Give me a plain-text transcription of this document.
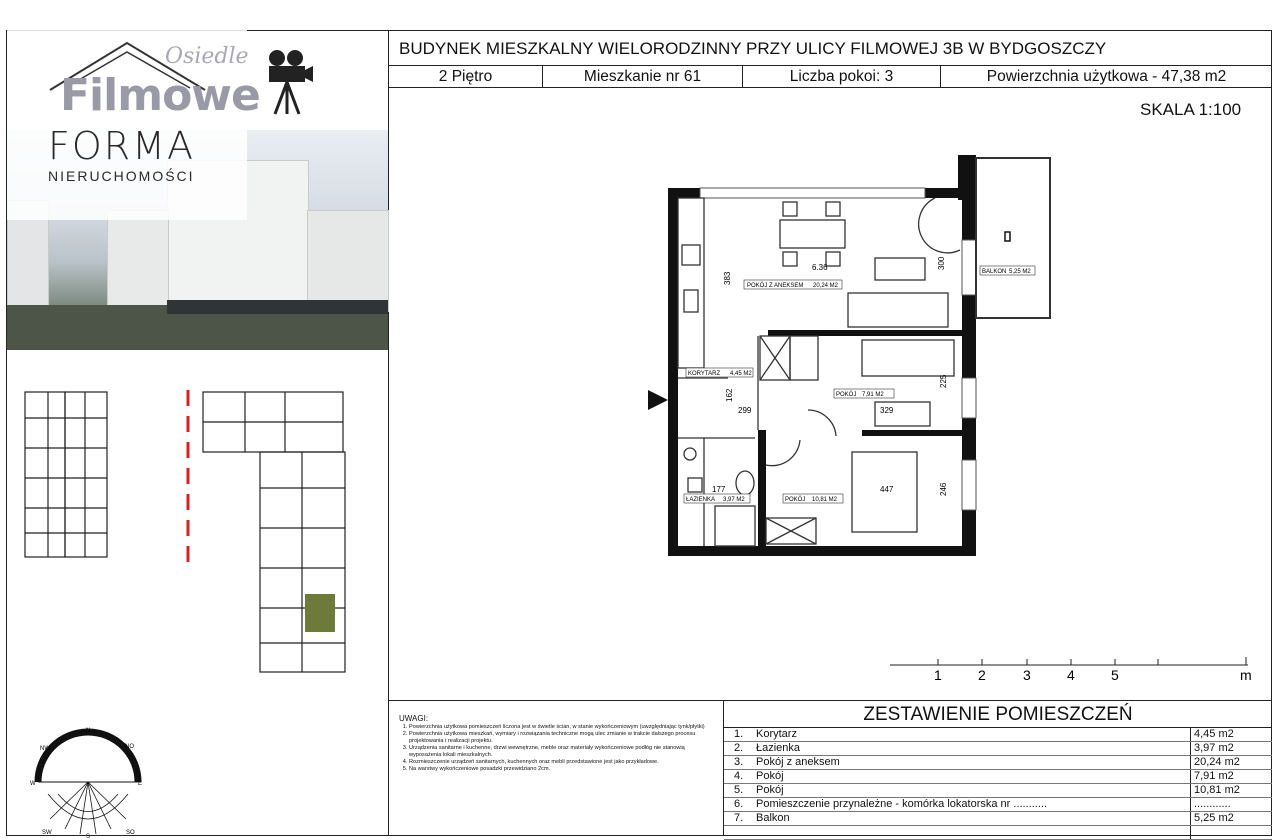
Osiedle
Filmowe
FORMA
NIERUCHOMOŚCI
BUDYNEK MIESZKALNY WIELORODZINNY PRZY ULICY FILMOWEJ 3B W BYDGOSZCZY
2 Piętro	Mieszkanie nr 61	Liczba pokoi: 3	Powierzchnia użytkowa - 47,38 m2
SKALA 1:100
N
NO
E
SO
S
SW
W
NW
POKÓJ Z ANEKSEM 20,24 M2
BALKON 5,25 M2
KORYTARZ 4,45 M2
POKÓJ 7,91 M2
POKÓJ 10,81 M2
ŁAZIENKA 3,97 M2
6.36
383
300
225
329
299
162
447	246
177
1	2	3	4	5	m
UWAGI:
1. Powierzchnia użytkowa pomieszczeń liczona jest w świetle ścian, w stanie wykończeniowym (uwzględniając tynk/płytki)
2. Powierzchnia użytkowa mieszkań, wymiary i rozwiązania techniczne mogą ulec zmianie w trakcie dalszego procesu projektowania i realizacji projektu.
3. Urządzenia sanitarne i kuchenne, drzwi wewnętrzne, meble oraz materiały wykończeniowe podłóg nie stanowią wyposażenia lokali mieszkalnych.
4. Rozmieszczenie urządzeń sanitarnych, kuchennych oraz mebli przedstawione jest jako przykładowe.
5. Na warstwy wykończeniowe posadzki przewidziano 2cm.
ZESTAWIENIE POMIESZCZEŃ
1.	Korytarz	4,45 m2
2.	Łazienka	3,97 m2
3.	Pokój z aneksem	20,24 m2
4.	Pokój	7,91 m2
5.	Pokój	10,81 m2
6.	Pomieszczenie przynależne - komórka lokatorska nr ...........	............
7.	Balkon	5,25 m2
